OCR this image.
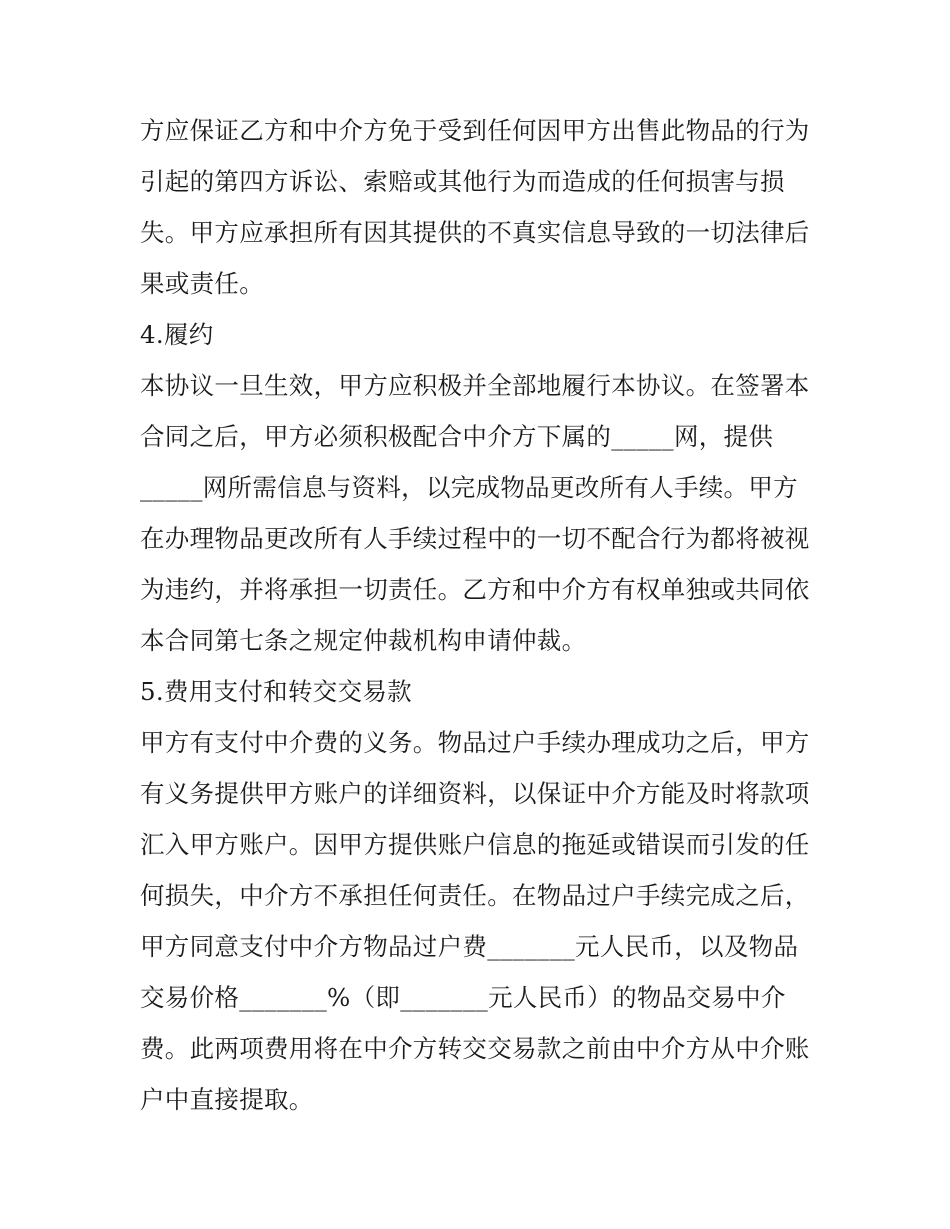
方应保证乙方和中介方免于受到任何因甲方出售此物品的行为
引起的第四方诉讼、索赔或其他行为而造成的任何损害与损
失。甲方应承担所有因其提供的不真实信息导致的一切法律后
果或责任。
4.履约
本协议一旦生效，甲方应积极并全部地履行本协议。在签署本
合同之后，甲方必须积极配合中介方下属的_____网，提供
_____网所需信息与资料，以完成物品更改所有人手续。甲方
在办理物品更改所有人手续过程中的一切不配合行为都将被视
为违约，并将承担一切责任。乙方和中介方有权单独或共同依
本合同第七条之规定仲裁机构申请仲裁。
5.费用支付和转交交易款
甲方有支付中介费的义务。物品过户手续办理成功之后，甲方
有义务提供甲方账户的详细资料，以保证中介方能及时将款项
汇入甲方账户。因甲方提供账户信息的拖延或错误而引发的任
何损失，中介方不承担任何责任。在物品过户手续完成之后，
甲方同意支付中介方物品过户费_______元人民币，以及物品
交易价格_______%（即_______元人民币）的物品交易中介
费。此两项费用将在中介方转交交易款之前由中介方从中介账
户中直接提取。
